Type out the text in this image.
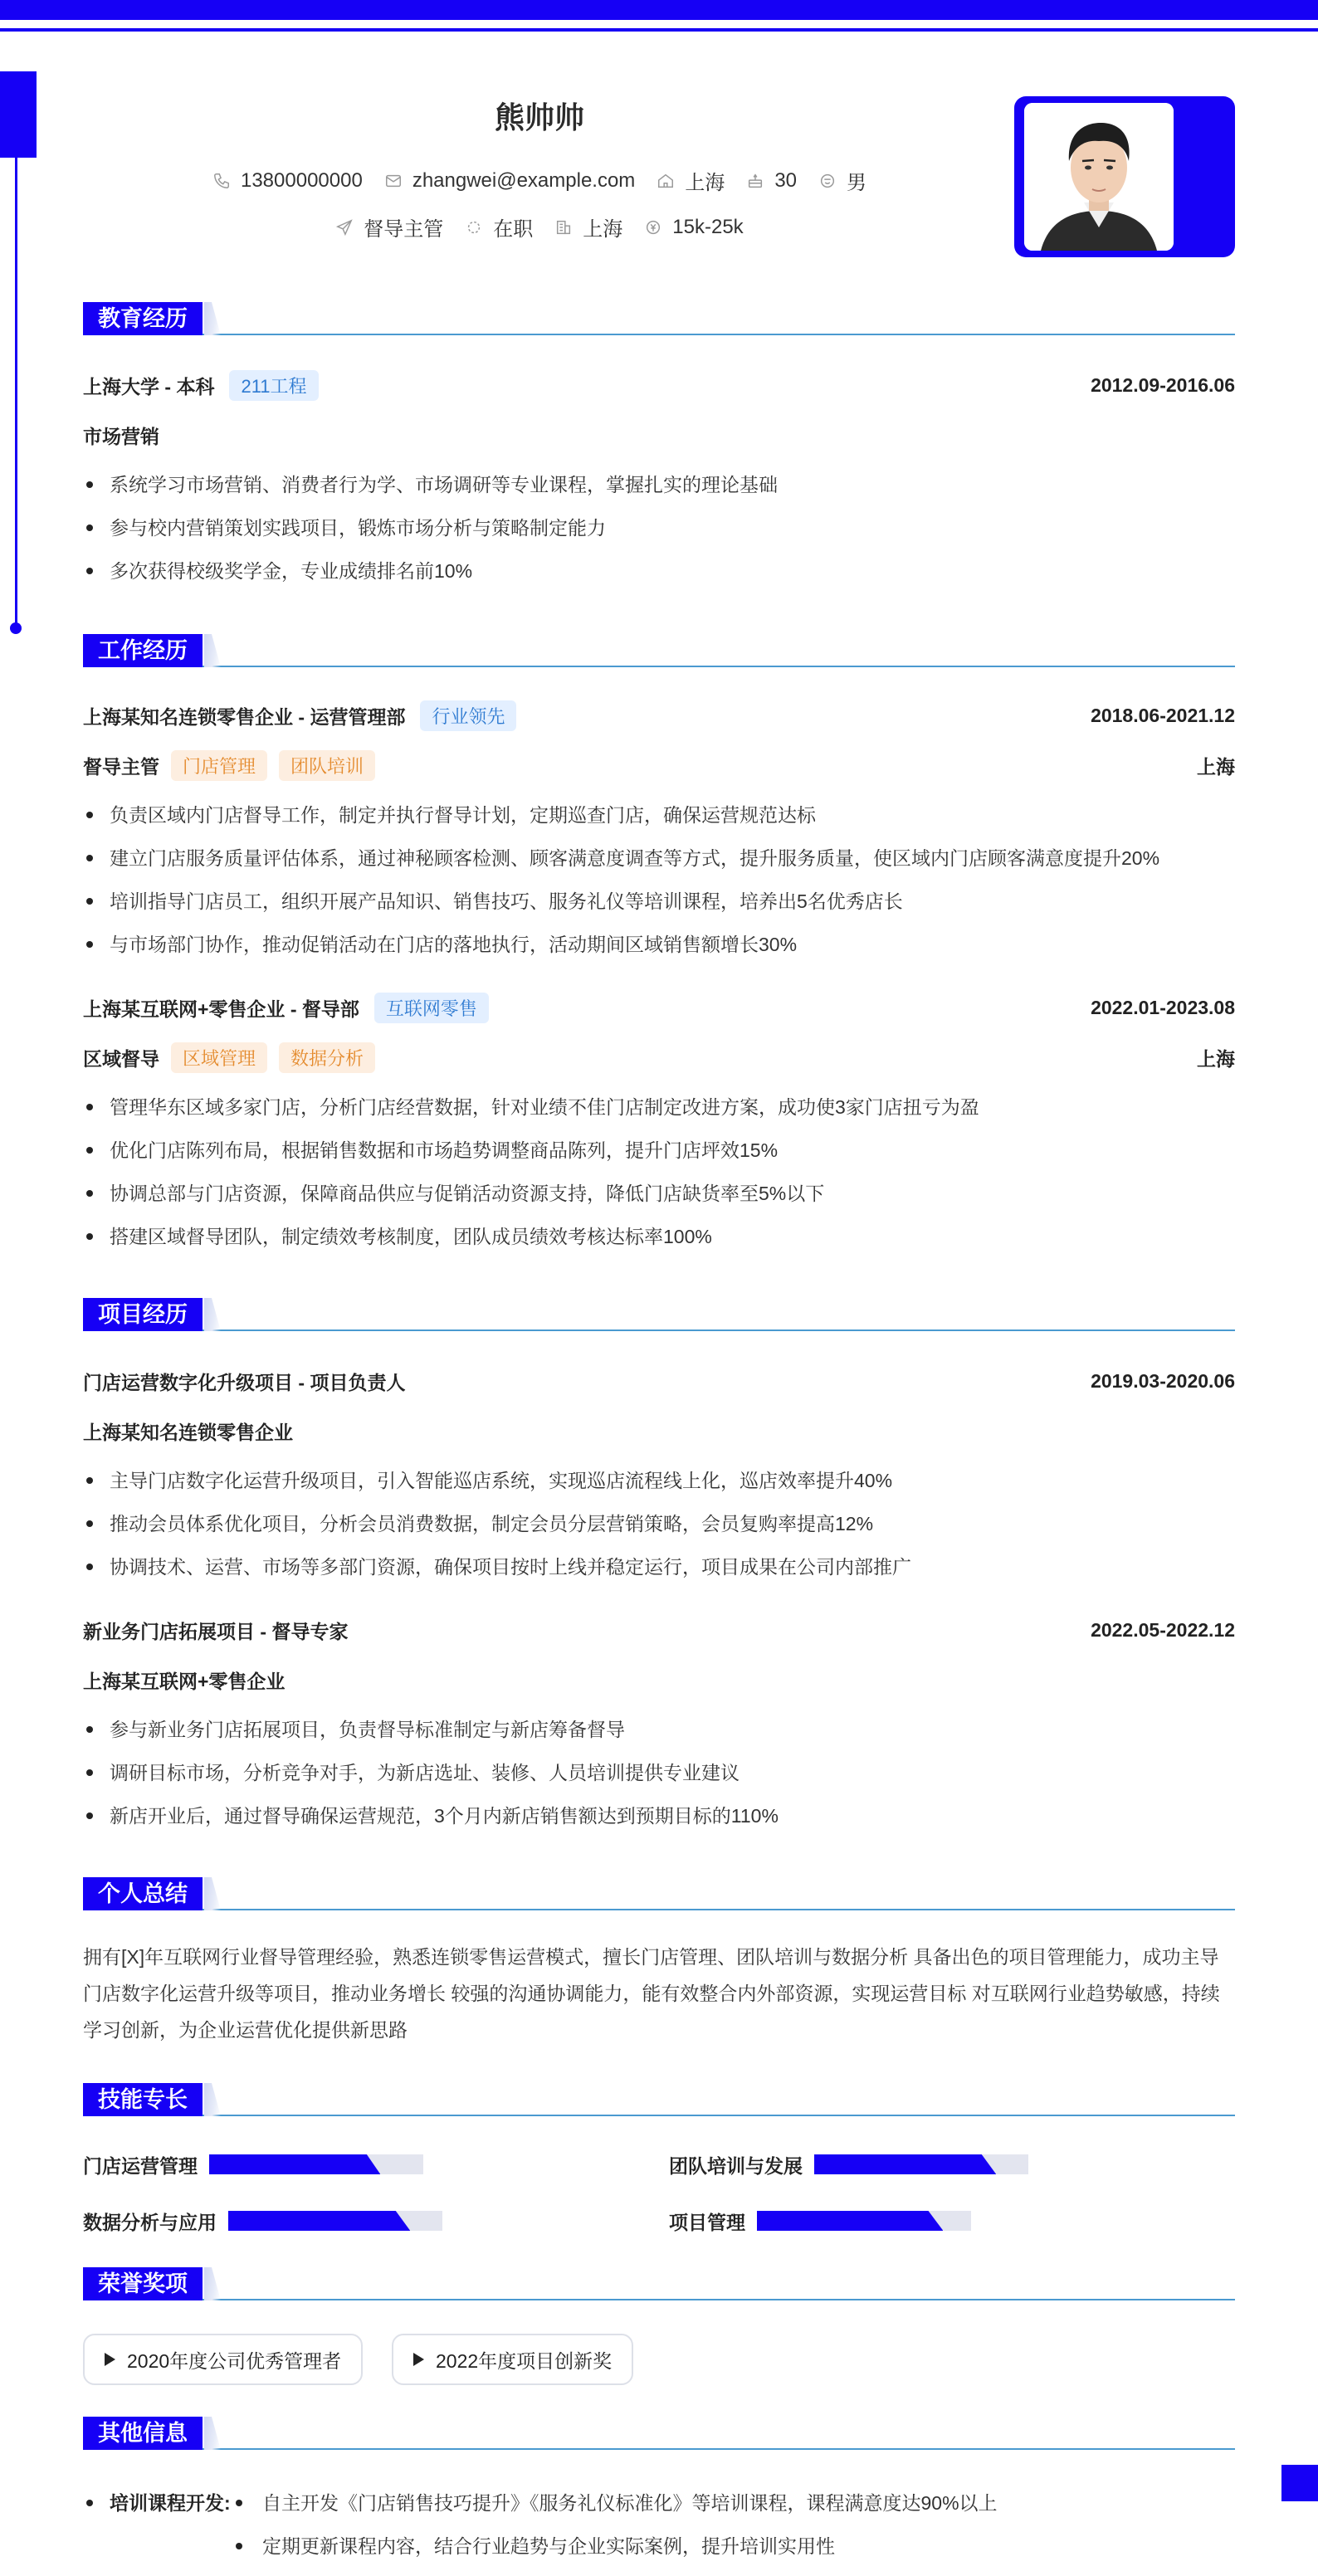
熊帅帅
13800000000	zhangwei@example.com	上海	30	男
督导主管	在职	上海	15k-25k
教育经历
上海大学 - 本科	211工程	2012.09-2016.06
市场营销
系统学习市场营销、消费者行为学、市场调研等专业课程，掌握扎实的理论基础
参与校内营销策划实践项目，锻炼市场分析与策略制定能力
多次获得校级奖学金，专业成绩排名前10%
工作经历
上海某知名连锁零售企业 - 运营管理部	行业领先	2018.06-2021.12
督导主管	门店管理	团队培训	上海
负责区域内门店督导工作，制定并执行督导计划，定期巡查门店，确保运营规范达标
建立门店服务质量评估体系，通过神秘顾客检测、顾客满意度调查等方式，提升服务质量，使区域内门店顾客满意度提升20%
培训指导门店员工，组织开展产品知识、销售技巧、服务礼仪等培训课程，培养出5名优秀店长
与市场部门协作，推动促销活动在门店的落地执行，活动期间区域销售额增长30%
上海某互联网+零售企业 - 督导部	互联网零售	2022.01-2023.08
区域督导	区域管理	数据分析	上海
管理华东区域多家门店，分析门店经营数据，针对业绩不佳门店制定改进方案，成功使3家门店扭亏为盈
优化门店陈列布局，根据销售数据和市场趋势调整商品陈列，提升门店坪效15%
协调总部与门店资源，保障商品供应与促销活动资源支持，降低门店缺货率至5%以下
搭建区域督导团队，制定绩效考核制度，团队成员绩效考核达标率100%
项目经历
门店运营数字化升级项目 - 项目负责人	2019.03-2020.06
上海某知名连锁零售企业
主导门店数字化运营升级项目，引入智能巡店系统，实现巡店流程线上化，巡店效率提升40%
推动会员体系优化项目，分析会员消费数据，制定会员分层营销策略，会员复购率提高12%
协调技术、运营、市场等多部门资源，确保项目按时上线并稳定运行，项目成果在公司内部推广
新业务门店拓展项目 - 督导专家	2022.05-2022.12
上海某互联网+零售企业
参与新业务门店拓展项目，负责督导标准制定与新店筹备督导
调研目标市场，分析竞争对手，为新店选址、装修、人员培训提供专业建议
新店开业后，通过督导确保运营规范，3个月内新店销售额达到预期目标的110%
个人总结
拥有[X]年互联网行业督导管理经验，熟悉连锁零售运营模式，擅长门店管理、团队培训与数据分析 具备出色的项目管理能力，成功主导门店数字化运营升级等项目，推动业务增长 较强的沟通协调能力，能有效整合内外部资源，实现运营目标 对互联网行业趋势敏感，持续学习创新，为企业运营优化提供新思路
技能专长
门店运营管理	团队培训与发展
数据分析与应用	项目管理
荣誉奖项
2020年度公司优秀管理者	2022年度项目创新奖
其他信息
培训课程开发:	自主开发《门店销售技巧提升》《服务礼仪标准化》等培训课程，课程满意度达90%以上
定期更新课程内容，结合行业趋势与企业实际案例，提升培训实用性
